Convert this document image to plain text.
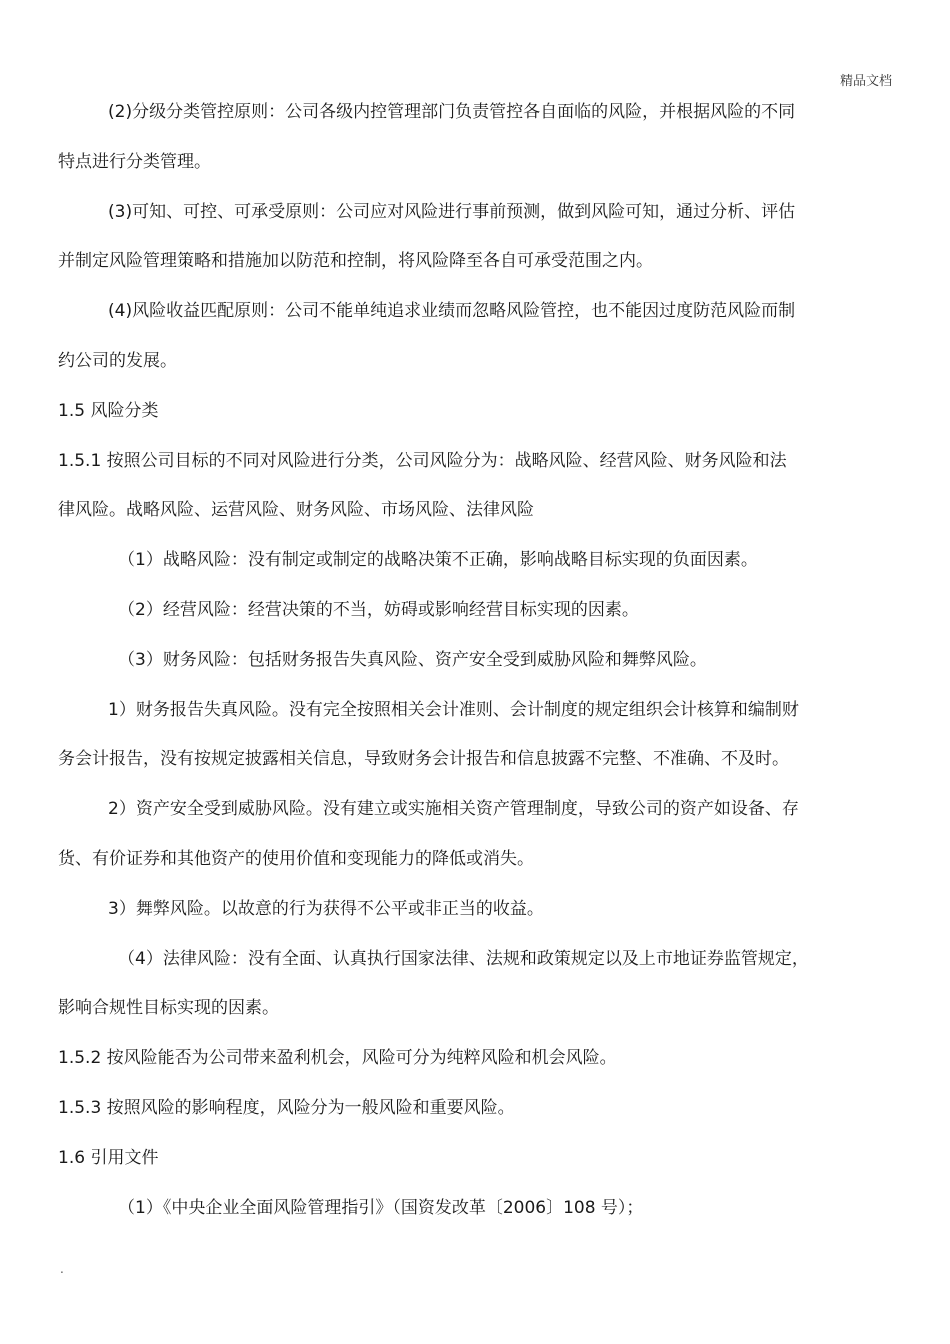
精品文档
(2)分级分类管控原则：公司各级内控管理部门负责管控各自面临的风险，并根据风险的不同
特点进行分类管理。
(3)可知、可控、可承受原则：公司应对风险进行事前预测，做到风险可知，通过分析、评估
并制定风险管理策略和措施加以防范和控制，将风险降至各自可承受范围之内。
(4)风险收益匹配原则：公司不能单纯追求业绩而忽略风险管控，也不能因过度防范风险而制
约公司的发展。
1.5 风险分类
1.5.1 按照公司目标的不同对风险进行分类，公司风险分为：战略风险、经营风险、财务风险和法
律风险。战略风险、运营风险、财务风险、市场风险、法律风险
（1）战略风险：没有制定或制定的战略决策不正确，影响战略目标实现的负面因素。
（2）经营风险：经营决策的不当，妨碍或影响经营目标实现的因素。
（3）财务风险：包括财务报告失真风险、资产安全受到威胁风险和舞弊风险。
1）财务报告失真风险。没有完全按照相关会计准则、会计制度的规定组织会计核算和编制财
务会计报告，没有按规定披露相关信息，导致财务会计报告和信息披露不完整、不准确、不及时。
2）资产安全受到威胁风险。没有建立或实施相关资产管理制度，导致公司的资产如设备、存
货、有价证券和其他资产的使用价值和变现能力的降低或消失。
3）舞弊风险。以故意的行为获得不公平或非正当的收益。
（4）法律风险：没有全面、认真执行国家法律、法规和政策规定以及上市地证券监管规定，
影响合规性目标实现的因素。
1.5.2 按风险能否为公司带来盈利机会，风险可分为纯粹风险和机会风险。
1.5.3 按照风险的影响程度，风险分为一般风险和重要风险。
1.6 引用文件
（1）《中央企业全面风险管理指引》（国资发改革〔2006〕108 号）；
.
